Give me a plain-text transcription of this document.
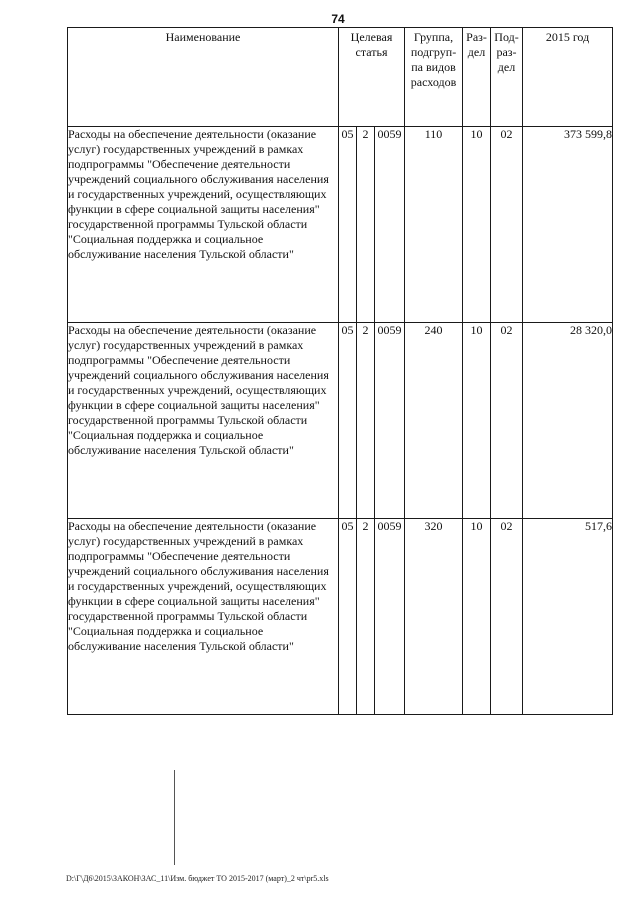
74
Наименование	Целевая статья			Группа, подгруп-па видов расходов	Раз-дел	Под-раз-дел	2015 год
Расходы на обеспечение деятельности (оказание услуг) государственных учреждений в рамках подпрограммы "Обеспечение деятельности учреждений социального обслуживания населения и государственных учреждений, осуществляющих функции в сфере социальной защиты населения" государственной программы Тульской области "Социальная поддержка и социальное обслуживание населения Тульской области"	05	2	0059	110	10	02	373 599,8
Расходы на обеспечение деятельности (оказание услуг) государственных учреждений в рамках подпрограммы "Обеспечение деятельности учреждений социального обслуживания населения и государственных учреждений, осуществляющих функции в сфере социальной защиты населения" государственной программы Тульской области "Социальная поддержка и социальное обслуживание населения Тульской области"	05	2	0059	240	10	02	28 320,0
Расходы на обеспечение деятельности (оказание услуг) государственных учреждений в рамках подпрограммы "Обеспечение деятельности учреждений социального обслуживания населения и государственных учреждений, осуществляющих функции в сфере социальной защиты населения" государственной программы Тульской области "Социальная поддержка и социальное обслуживание населения Тульской области"	05	2	0059	320	10	02	517,6
D:\Г\Д6\2015\ЗАКОН\ЗАС_11\Изм. бюджет ТО 2015-2017 (март)_2 чт\pr5.xls
